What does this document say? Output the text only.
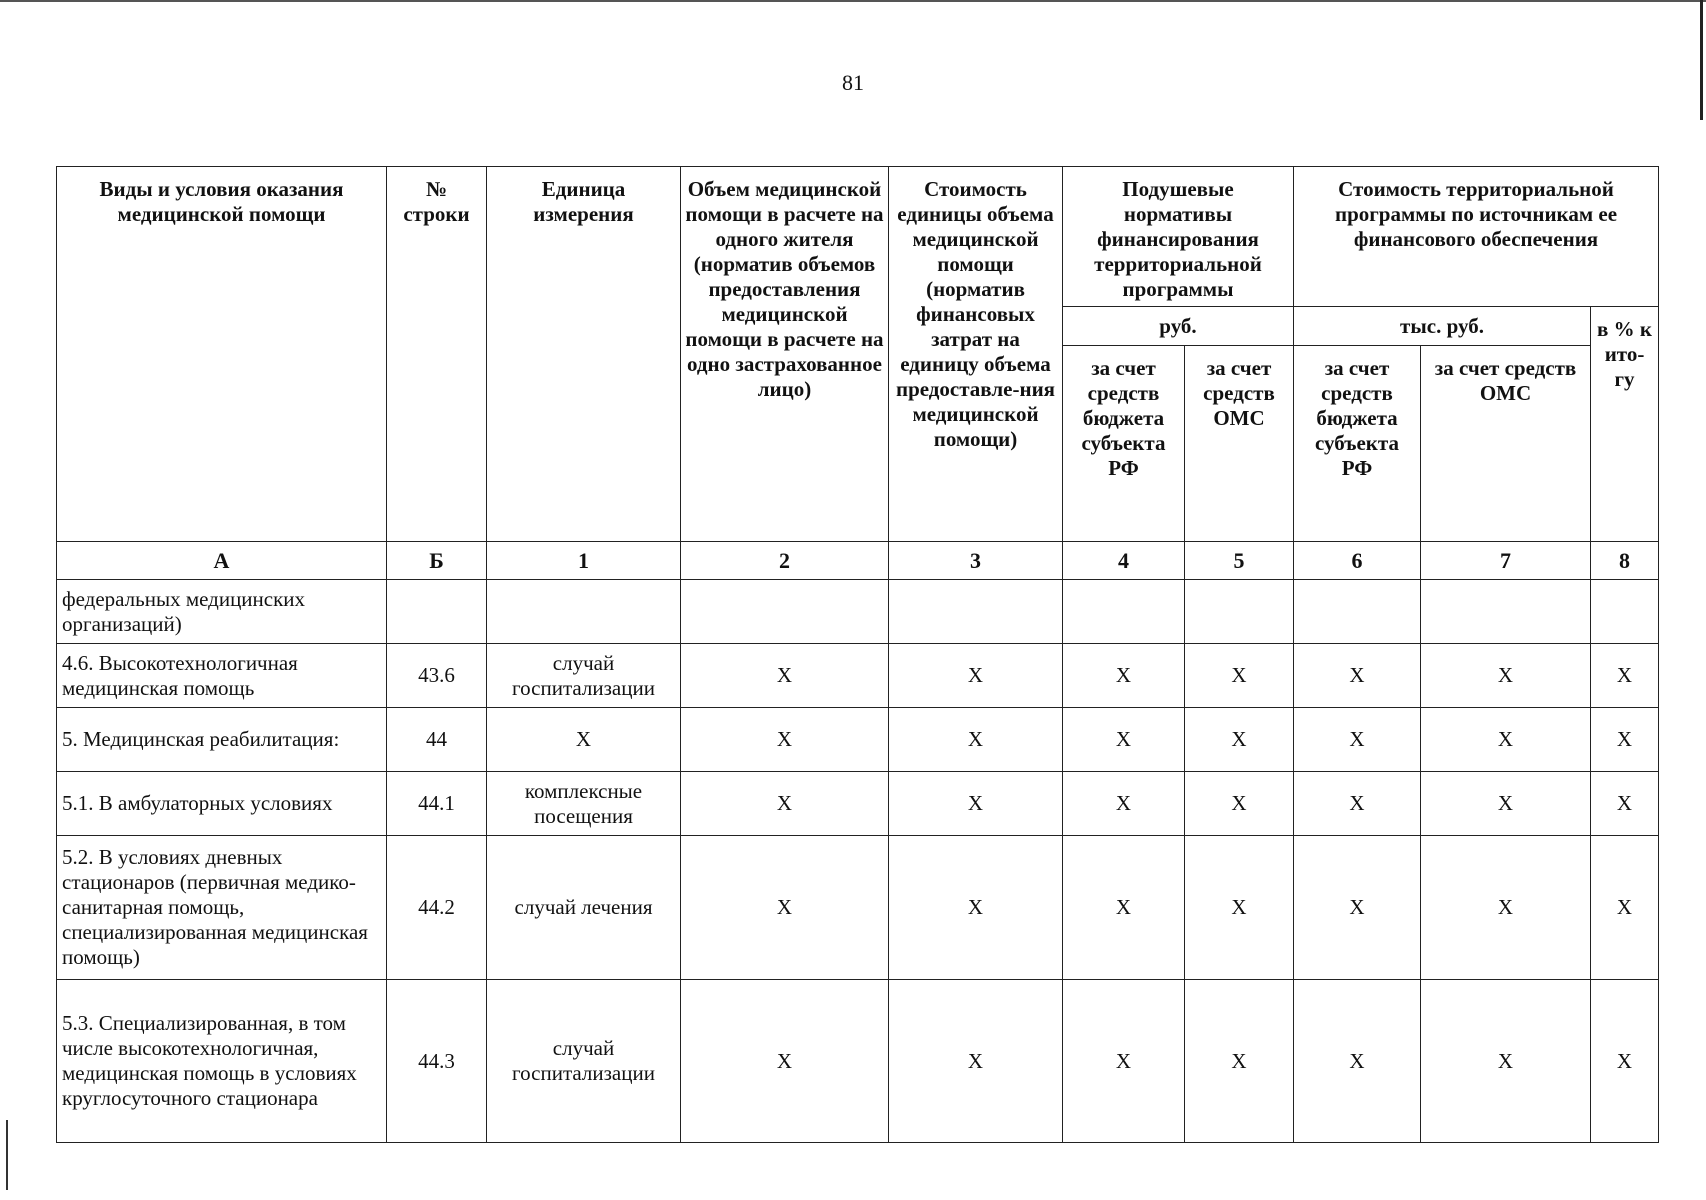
81
Виды и условия оказания медицинской помощи	№ строки	Единица измерения	Объем медицинской помощи в расчете на одного жителя (норматив объемов предоставления медицинской помощи в расчете на одно застрахованное лицо)	Стоимость единицы объема медицинской помощи (норматив финансовых затрат на единицу объема предоставле-ния медицинской помощи)	Подушевые нормативы финансирования территориальной программы		Стоимость территориальной программы по источникам ее финансового обеспечения		
					руб.		тыс. руб.		в % к ито-гу
					за счет средств бюджета субъекта РФ	за счет средств ОМС	за счет средств бюджета субъекта РФ	за счет средств ОМС	
А	Б	1	2	3	4	5	6	7	8
федеральных медицинских организаций)									
4.6. Высокотехнологичная медицинская помощь	43.6	случай госпитализации	X	X	X	X	X	X	X
5. Медицинская реабилитация:	44	X	X	X	X	X	X	X	X
5.1. В амбулаторных условиях	44.1	комплексные посещения	X	X	X	X	X	X	X
5.2. В условиях дневных стационаров (первичная медико-санитарная помощь, специализированная медицинская помощь)	44.2	случай лечения	X	X	X	X	X	X	X
5.3. Специализированная, в том числе высокотехнологичная, медицинская помощь в условиях круглосуточного стационара	44.3	случай госпитализации	X	X	X	X	X	X	X
